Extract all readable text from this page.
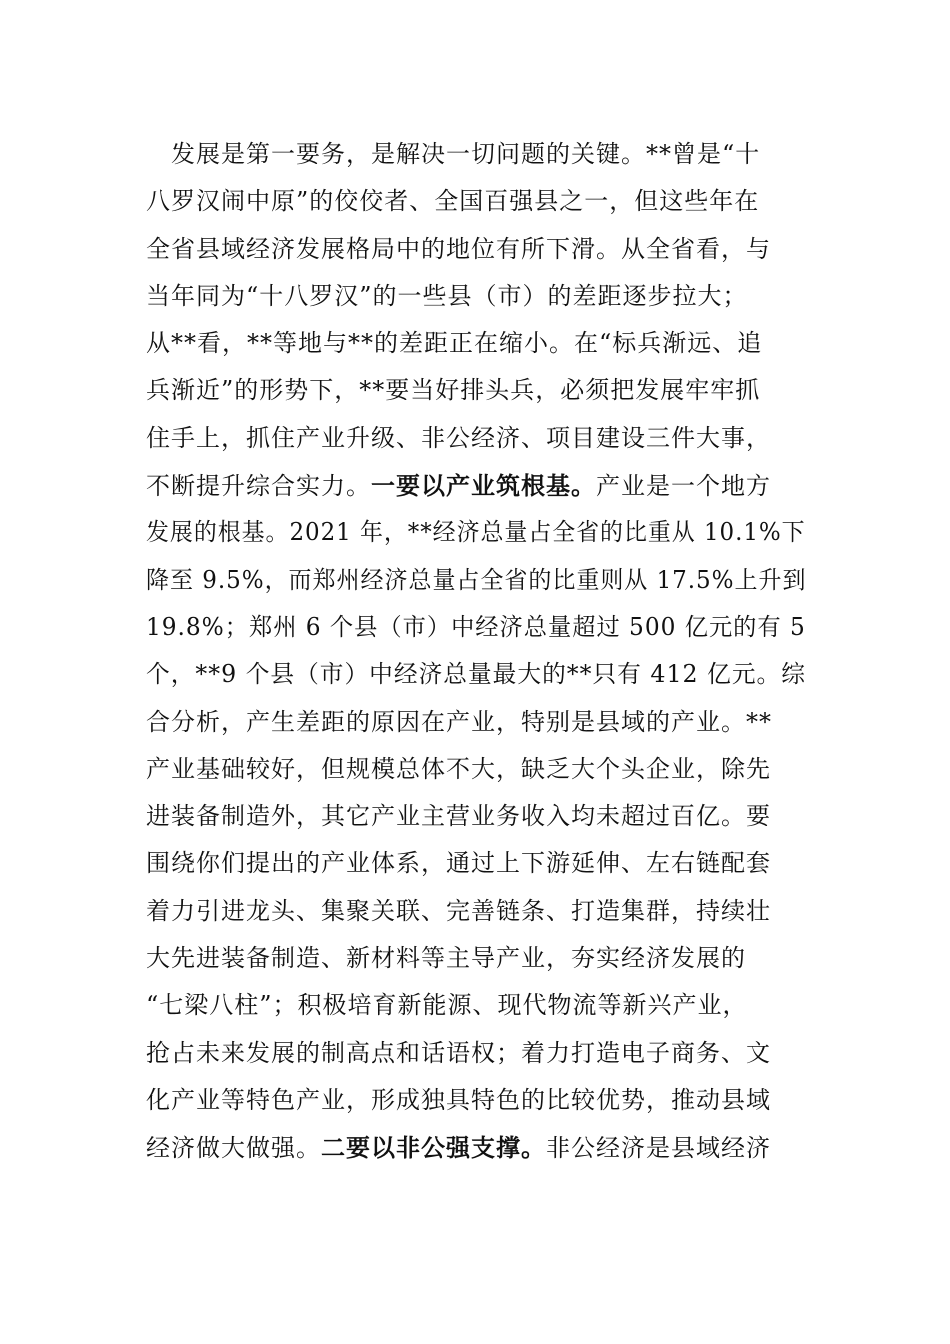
　发展是第一要务，是解决一切问题的关键。**曾是“十
八罗汉闹中原”的佼佼者、全国百强县之一，但这些年在
全省县域经济发展格局中的地位有所下滑。从全省看，与
当年同为“十八罗汉”的一些县（市）的差距逐步拉大；
从**看，**等地与**的差距正在缩小。在“标兵渐远、追
兵渐近”的形势下，**要当好排头兵，必须把发展牢牢抓
住手上，抓住产业升级、非公经济、项目建设三件大事，
不断提升综合实力。一要以产业筑根基。产业是一个地方
发展的根基。2021 年，**经济总量占全省的比重从 10.1%下
降至 9.5%，而郑州经济总量占全省的比重则从 17.5%上升到
19.8%；郑州 6 个县（市）中经济总量超过 500 亿元的有 5
个，**9 个县（市）中经济总量最大的**只有 412 亿元。综
合分析，产生差距的原因在产业，特别是县域的产业。**
产业基础较好，但规模总体不大，缺乏大个头企业，除先
进装备制造外，其它产业主营业务收入均未超过百亿。要
围绕你们提出的产业体系，通过上下游延伸、左右链配套
着力引进龙头、集聚关联、完善链条、打造集群，持续壮
大先进装备制造、新材料等主导产业，夯实经济发展的
“七梁八柱”；积极培育新能源、现代物流等新兴产业，
抢占未来发展的制高点和话语权；着力打造电子商务、文
化产业等特色产业，形成独具特色的比较优势，推动县域
经济做大做强。二要以非公强支撑。非公经济是县域经济
